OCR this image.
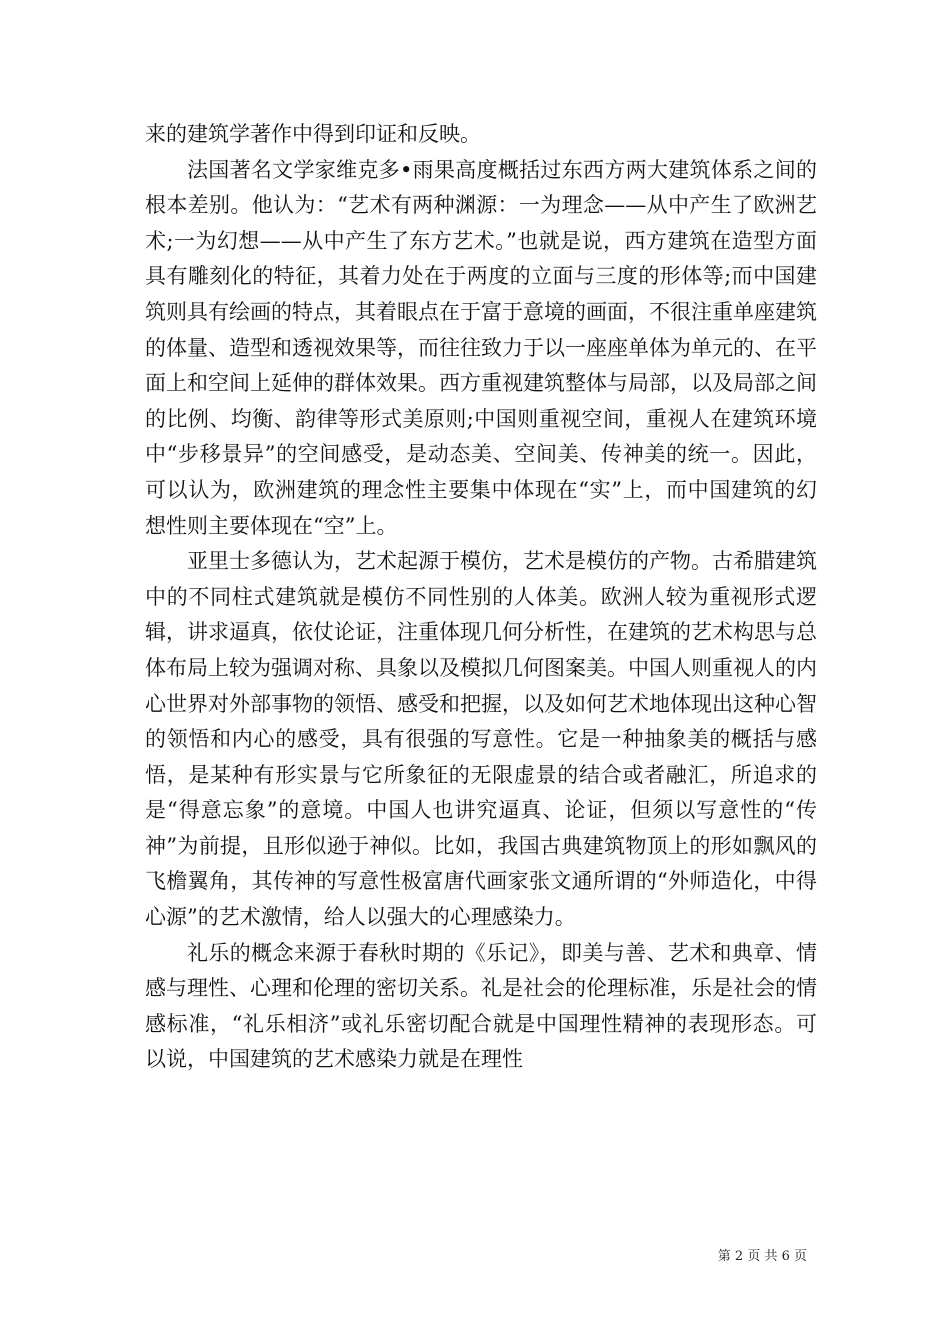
来的建筑学著作中得到印证和反映。

法国著名文学家维克多•雨果高度概括过东西方两大建筑体系之间的根本差别。他认为：“艺术有两种渊源：一为理念——从中产生了欧洲艺术;一为幻想——从中产生了东方艺术。”也就是说，西方建筑在造型方面具有雕刻化的特征，其着力处在于两度的立面与三度的形体等;而中国建筑则具有绘画的特点，其着眼点在于富于意境的画面，不很注重单座建筑的体量、造型和透视效果等，而往往致力于以一座座单体为单元的、在平面上和空间上延伸的群体效果。西方重视建筑整体与局部，以及局部之间的比例、均衡、韵律等形式美原则;中国则重视空间，重视人在建筑环境中“步移景异”的空间感受，是动态美、空间美、传神美的统一。因此，可以认为，欧洲建筑的理念性主要集中体现在“实”上，而中国建筑的幻想性则主要体现在“空”上。

亚里士多德认为，艺术起源于模仿，艺术是模仿的产物。古希腊建筑中的不同柱式建筑就是模仿不同性别的人体美。欧洲人较为重视形式逻辑，讲求逼真，依仗论证，注重体现几何分析性，在建筑的艺术构思与总体布局上较为强调对称、具象以及模拟几何图案美。中国人则重视人的内心世界对外部事物的领悟、感受和把握，以及如何艺术地体现出这种心智的领悟和内心的感受，具有很强的写意性。它是一种抽象美的概括与感悟，是某种有形实景与它所象征的无限虚景的结合或者融汇，所追求的是“得意忘象”的意境。中国人也讲究逼真、论证，但须以写意性的“传神”为前提，且形似逊于神似。比如，我国古典建筑物顶上的形如飘风的飞檐翼角，其传神的写意性极富唐代画家张文通所谓的“外师造化，中得心源”的艺术激情，给人以强大的心理感染力。

礼乐的概念来源于春秋时期的《乐记》，即美与善、艺术和典章、情感与理性、心理和伦理的密切关系。礼是社会的伦理标准，乐是社会的情感标准，“礼乐相济”或礼乐密切配合就是中国理性精神的表现形态。可以说，中国建筑的艺术感染力就是在理性

第 2 页 共 6 页
